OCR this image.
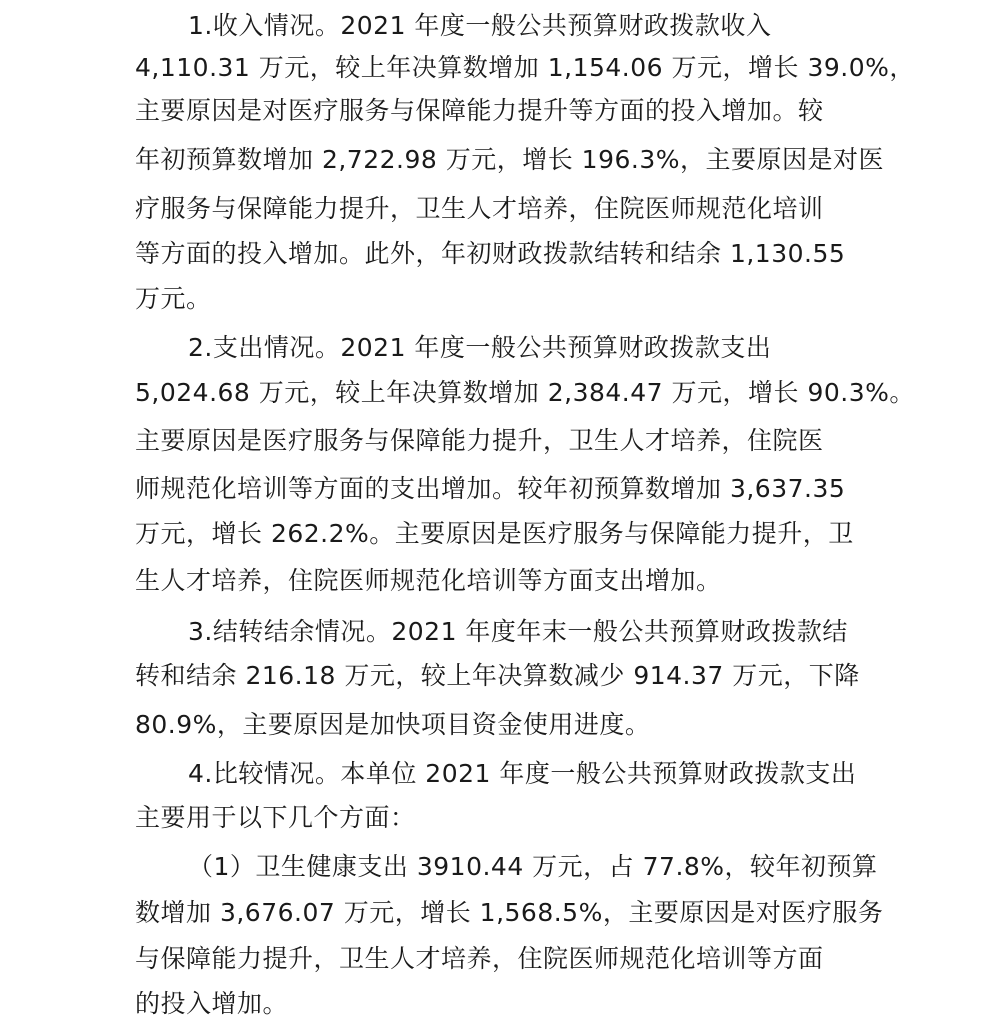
1.收入情况。2021 年度一般公共预算财政拨款收入
4,110.31 万元，较上年决算数增加 1,154.06 万元，增长 39.0%，
主要原因是对医疗服务与保障能力提升等方面的投入增加。较
年初预算数增加 2,722.98 万元，增长 196.3%，主要原因是对医
疗服务与保障能力提升，卫生人才培养，住院医师规范化培训
等方面的投入增加。此外，年初财政拨款结转和结余 1,130.55
万元。
2.支出情况。2021 年度一般公共预算财政拨款支出
5,024.68 万元，较上年决算数增加 2,384.47 万元，增长 90.3%。
主要原因是医疗服务与保障能力提升，卫生人才培养，住院医
师规范化培训等方面的支出增加。较年初预算数增加 3,637.35
万元，增长 262.2%。主要原因是医疗服务与保障能力提升，卫
生人才培养，住院医师规范化培训等方面支出增加。
3.结转结余情况。2021 年度年末一般公共预算财政拨款结
转和结余 216.18 万元，较上年决算数减少 914.37 万元，下降
80.9%，主要原因是加快项目资金使用进度。
4.比较情况。本单位 2021 年度一般公共预算财政拨款支出
主要用于以下几个方面：
（1）卫生健康支出 3910.44 万元，占 77.8%，较年初预算
数增加 3,676.07 万元，增长 1,568.5%，主要原因是对医疗服务
与保障能力提升，卫生人才培养，住院医师规范化培训等方面
的投入增加。
